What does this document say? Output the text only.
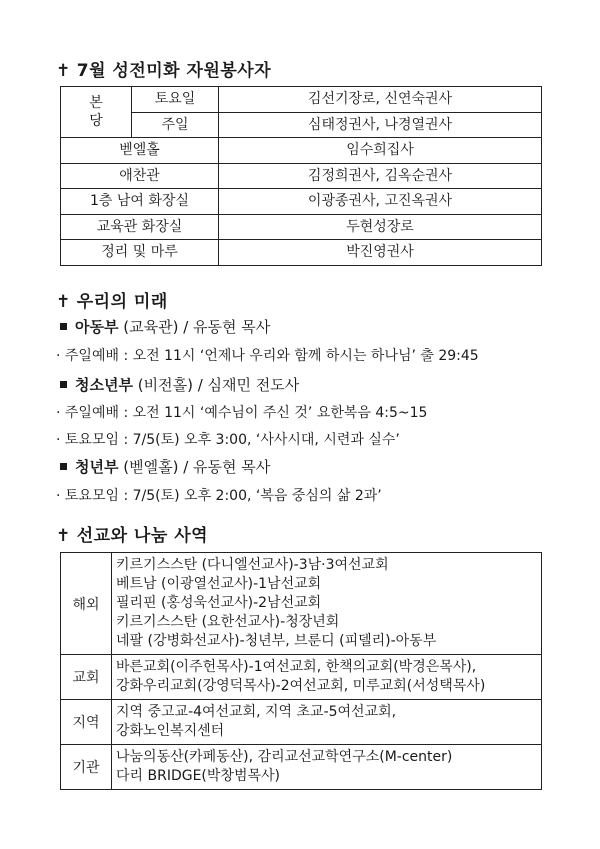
✝ 7월 성전미화 자원봉사자
본당	토요일	김선기장로, 신연숙권사
	주일	심태정권사, 나경열권사
벧엘홀		임수희집사
애찬관		김정희권사, 김옥순권사
1층 남여 화장실		이광종권사, 고진옥권사
교육관 화장실		두현성장로
정리 및 마루		박진영권사
✝ 우리의 미래
아동부 (교육관) / 유동현 목사
· 주일예배 : 오전 11시 ‘언제나 우리와 함께 하시는 하나님’ 출 29:45
청소년부 (비전홀) / 심재민 전도사
· 주일예배 : 오전 11시 ‘예수님이 주신 것’ 요한복음 4:5~15
· 토요모임 : 7/5(토) 오후 3:00, ‘사사시대, 시련과 실수’
청년부 (벧엘홀) / 유동현 목사
· 토요모임 : 7/5(토) 오후 2:00, ‘복음 중심의 삶 2과’
✝ 선교와 나눔 사역
해외	키르기스스탄 (다니엘선교사)-3남·3여선교회
베트남 (이광열선교사)-1남선교회
필리핀 (홍성욱선교사)-2남선교회
키르기스스탄 (요한선교사)-청장년회
네팔 (강병화선교사)-청년부, 브룬디 (피델리)-아동부

교회	바른교회(이주헌목사)-1여선교회, 한책의교회(박경은목사),
강화우리교회(강영덕목사)-2여선교회, 미루교회(서성택목사)

지역	지역 중고교-4여선교회, 지역 초교-5여선교회,
강화노인복지센터

기관	나눔의동산(카페동산), 감리교선교학연구소(M-center)
다리 BRIDGE(박창범목사)
